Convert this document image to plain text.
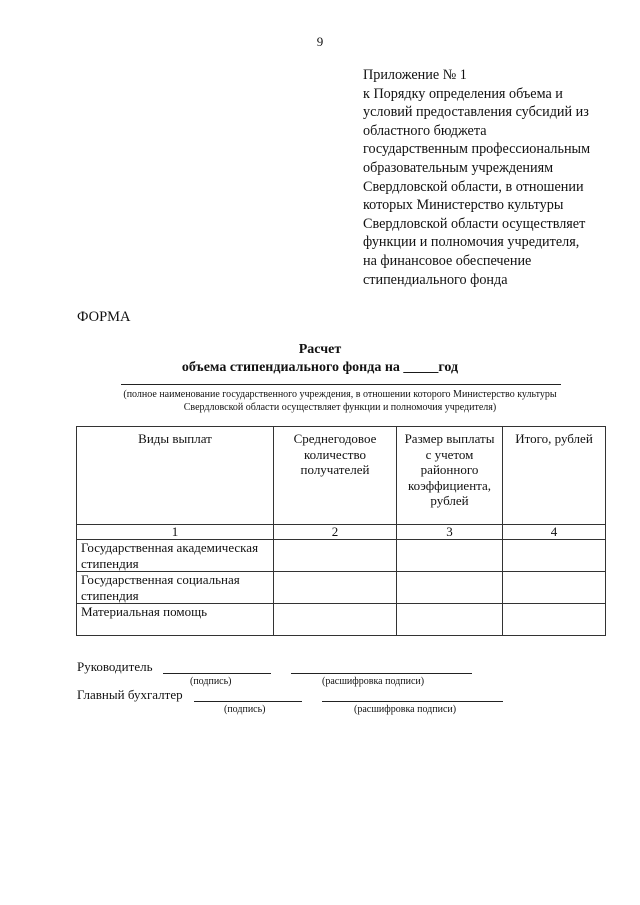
9
Приложение № 1
к Порядку определения объема и
условий предоставления субсидий из
областного бюджета
государственным профессиональным
образовательным учреждениям
Свердловской области, в отношении
которых Министерство культуры
Свердловской области осуществляет
функции и полномочия учредителя,
на финансовое обеспечение
стипендиального фонда
ФОРМА
Расчет
объема стипендиального фонда на _____год
(полное наименование государственного учреждения, в отношении которого Министерство культуры
Свердловской области осуществляет функции и полномочия учредителя)
Виды выплат	Среднегодовое количество получателей	Размер выплаты с учетом районного коэффициента, рублей	Итого, рублей
1	2	3	4
Государственная академическая стипендия			
Государственная социальная стипендия			
Материальная помощь			
Руководитель
(подпись)	(расшифровка подписи)
Главный бухгалтер
(подпись)	(расшифровка подписи)
